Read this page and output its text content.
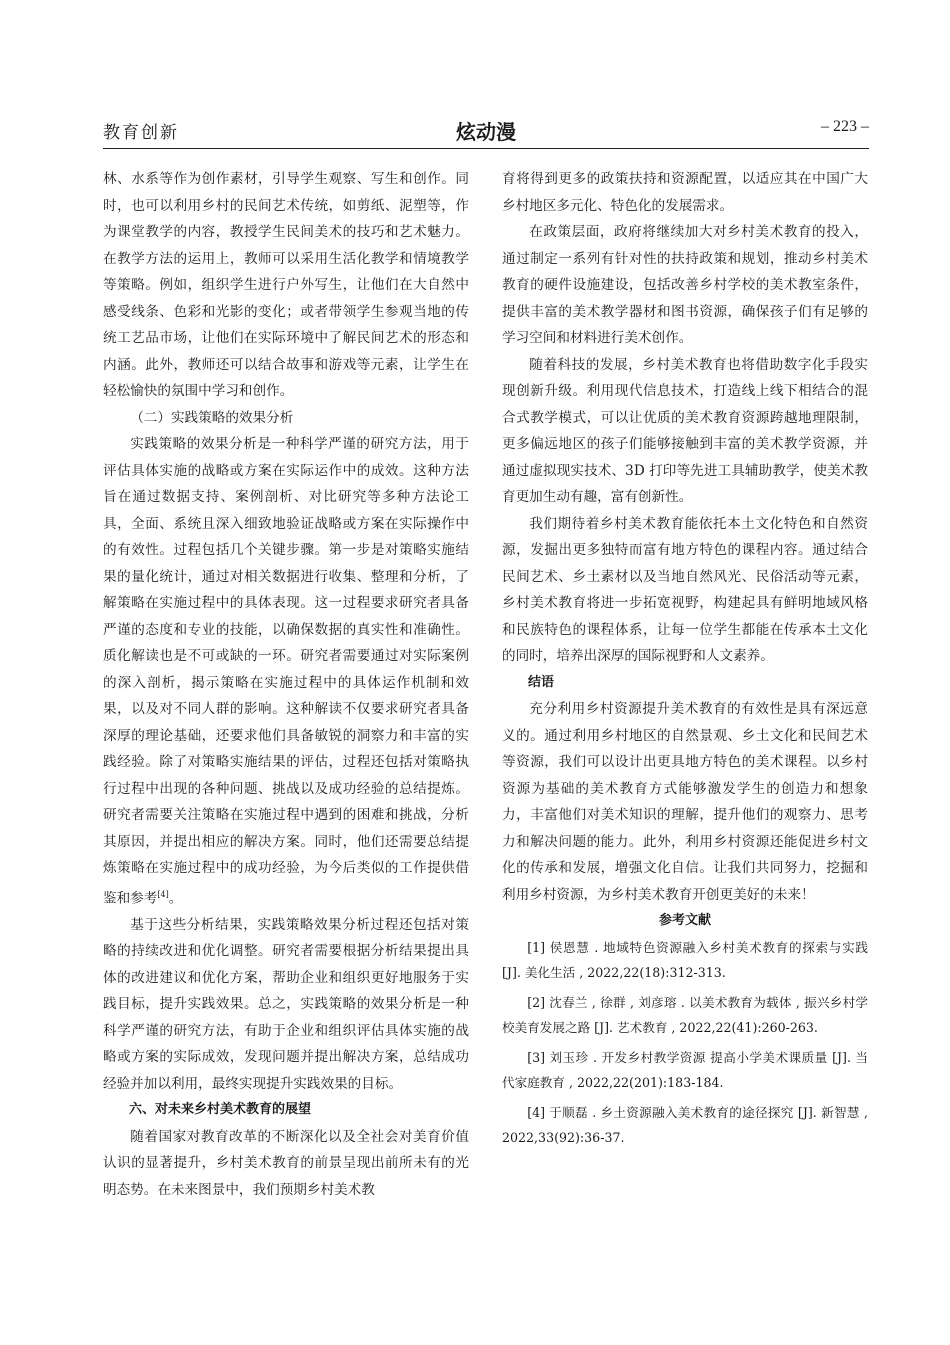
教育创新	炫动漫	– 223 –

林、水系等作为创作素材，引导学生观察、写生和创作。同时，也可以利用乡村的民间艺术传统，如剪纸、泥塑等，作为课堂教学的内容，教授学生民间美术的技巧和艺术魅力。在教学方法的运用上，教师可以采用生活化教学和情境教学等策略。例如，组织学生进行户外写生，让他们在大自然中感受线条、色彩和光影的变化；或者带领学生参观当地的传统工艺品市场，让他们在实际环境中了解民间艺术的形态和内涵。此外，教师还可以结合故事和游戏等元素，让学生在轻松愉快的氛围中学习和创作。

（二）实践策略的效果分析

实践策略的效果分析是一种科学严谨的研究方法，用于评估具体实施的战略或方案在实际运作中的成效。这种方法旨在通过数据支持、案例剖析、对比研究等多种方法论工具，全面、系统且深入细致地验证战略或方案在实际操作中的有效性。过程包括几个关键步骤。第一步是对策略实施结果的量化统计，通过对相关数据进行收集、整理和分析，了解策略在实施过程中的具体表现。这一过程要求研究者具备严谨的态度和专业的技能，以确保数据的真实性和准确性。质化解读也是不可或缺的一环。研究者需要通过对实际案例的深入剖析，揭示策略在实施过程中的具体运作机制和效果，以及对不同人群的影响。这种解读不仅要求研究者具备深厚的理论基础，还要求他们具备敏锐的洞察力和丰富的实践经验。除了对策略实施结果的评估，过程还包括对策略执行过程中出现的各种问题、挑战以及成功经验的总结提炼。研究者需要关注策略在实施过程中遇到的困难和挑战，分析其原因，并提出相应的解决方案。同时，他们还需要总结提炼策略在实施过程中的成功经验，为今后类似的工作提供借鉴和参考[4]。

基于这些分析结果，实践策略效果分析过程还包括对策略的持续改进和优化调整。研究者需要根据分析结果提出具体的改进建议和优化方案，帮助企业和组织更好地服务于实践目标，提升实践效果。总之，实践策略的效果分析是一种科学严谨的研究方法，有助于企业和组织评估具体实施的战略或方案的实际成效，发现问题并提出解决方案，总结成功经验并加以利用，最终实现提升实践效果的目标。

六、对未来乡村美术教育的展望

随着国家对教育改革的不断深化以及全社会对美育价值认识的显著提升，乡村美术教育的前景呈现出前所未有的光明态势。在未来图景中，我们预期乡村美术教

育将得到更多的政策扶持和资源配置，以适应其在中国广大乡村地区多元化、特色化的发展需求。

在政策层面，政府将继续加大对乡村美术教育的投入，通过制定一系列有针对性的扶持政策和规划，推动乡村美术教育的硬件设施建设，包括改善乡村学校的美术教室条件，提供丰富的美术教学器材和图书资源，确保孩子们有足够的学习空间和材料进行美术创作。

随着科技的发展，乡村美术教育也将借助数字化手段实现创新升级。利用现代信息技术，打造线上线下相结合的混合式教学模式，可以让优质的美术教育资源跨越地理限制，更多偏远地区的孩子们能够接触到丰富的美术教学资源，并通过虚拟现实技术、3D 打印等先进工具辅助教学，使美术教育更加生动有趣，富有创新性。

我们期待着乡村美术教育能依托本土文化特色和自然资源，发掘出更多独特而富有地方特色的课程内容。通过结合民间艺术、乡土素材以及当地自然风光、民俗活动等元素，乡村美术教育将进一步拓宽视野，构建起具有鲜明地域风格和民族特色的课程体系，让每一位学生都能在传承本土文化的同时，培养出深厚的国际视野和人文素养。

结语

充分利用乡村资源提升美术教育的有效性是具有深远意义的。通过利用乡村地区的自然景观、乡土文化和民间艺术等资源，我们可以设计出更具地方特色的美术课程。以乡村资源为基础的美术教育方式能够激发学生的创造力和想象力，丰富他们对美术知识的理解，提升他们的观察力、思考力和解决问题的能力。此外，利用乡村资源还能促进乡村文化的传承和发展，增强文化自信。让我们共同努力，挖掘和利用乡村资源，为乡村美术教育开创更美好的未来！

参考文献

[1] 侯恩慧 . 地域特色资源融入乡村美术教育的探索与实践 [J]. 美化生活 , 2022,22(18):312-313.

[2] 沈春兰 , 徐群 , 刘彦瑢 . 以美术教育为载体 , 振兴乡村学校美育发展之路 [J]. 艺术教育 , 2022,22(41):260-263.

[3] 刘玉珍 . 开发乡村教学资源 提高小学美术课质量 [J]. 当代家庭教育 , 2022,22(201):183-184.

[4] 于顺磊 . 乡土资源融入美术教育的途径探究 [J]. 新智慧 , 2022,33(92):36-37.
